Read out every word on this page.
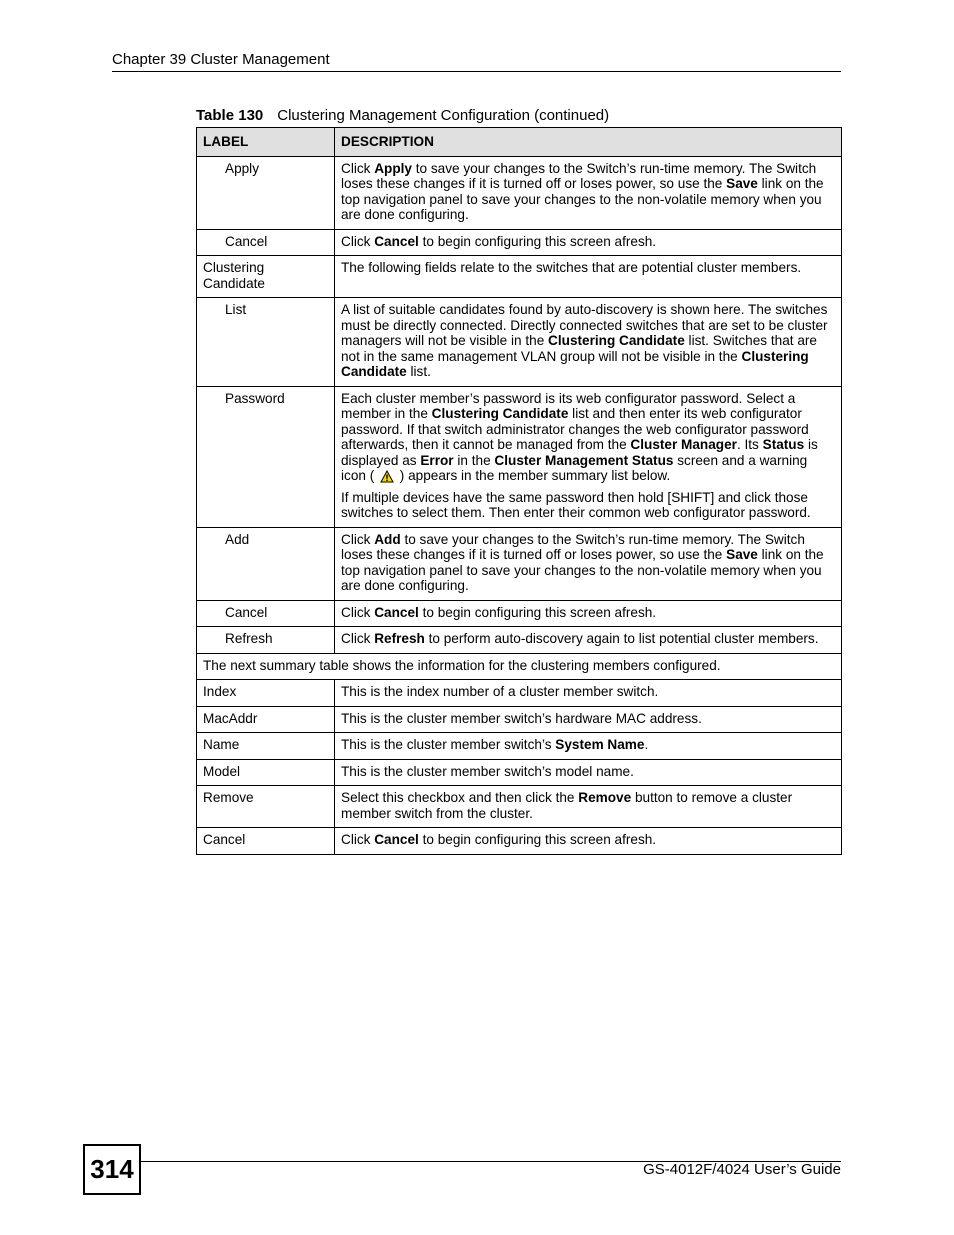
Chapter 39 Cluster Management
Table 130 Clustering Management Configuration (continued)
LABEL	DESCRIPTION
Apply	Click Apply to save your changes to the Switch’s run-time memory. The Switch loses these changes if it is turned off or loses power, so use the Save link on the top navigation panel to save your changes to the non-volatile memory when you are done configuring.
Cancel	Click Cancel to begin configuring this screen afresh.
Clustering Candidate	The following fields relate to the switches that are potential cluster members.
List	A list of suitable candidates found by auto-discovery is shown here. The switches must be directly connected. Directly connected switches that are set to be cluster managers will not be visible in the Clustering Candidate list. Switches that are not in the same management VLAN group will not be visible in the Clustering Candidate list.
Password	Each cluster member’s password is its web configurator password. Select a member in the Clustering Candidate list and then enter its web configurator password. If that switch administrator changes the web configurator password afterwards, then it cannot be managed from the Cluster Manager. Its Status is displayed as Error in the Cluster Management Status screen and a warning icon (  ) appears in the member summary list below.

If multiple devices have the same password then hold [SHIFT] and click those switches to select them. Then enter their common web configurator password.

Add	Click Add to save your changes to the Switch’s run-time memory. The Switch loses these changes if it is turned off or loses power, so use the Save link on the top navigation panel to save your changes to the non-volatile memory when you are done configuring.
Cancel	Click Cancel to begin configuring this screen afresh.
Refresh	Click Refresh to perform auto-discovery again to list potential cluster members.
The next summary table shows the information for the clustering members configured.	
Index	This is the index number of a cluster member switch.
MacAddr	This is the cluster member switch’s hardware MAC address.
Name	This is the cluster member switch’s System Name.
Model	This is the cluster member switch’s model name.
Remove	Select this checkbox and then click the Remove button to remove a cluster member switch from the cluster.
Cancel	Click Cancel to begin configuring this screen afresh.
314	GS-4012F/4024 User’s Guide
